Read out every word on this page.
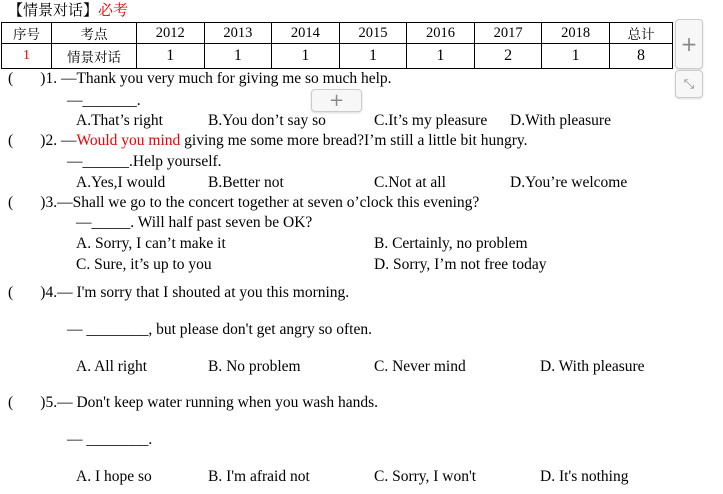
【情景对话】必考
序号	考点	2012	2013	2014	2015	2016	2017	2018	总计
1	情景对话	1	1	1	1	1	2	1	8 +
⤡
(       )1. —Thank you very much for giving me so much help.
+
—_______.
A.That’s right	B.You don’t say so	C.It’s my pleasure D.With pleasure
(       )2. —Would you mind giving me some more bread?I’m still a little bit hungry.
—______.Help yourself.
A.Yes,I would	B.Better not	C.Not at all	D.You’re welcome
(       )3.—Shall we go to the concert together at seven o’clock this evening?
—_____. Will half past seven be OK?
A. Sorry, I can’t make it	B. Certainly, no problem
C. Sure, it’s up to you	D. Sorry, I’m not free today
(       )4.— I'm sorry that I shouted at you this morning.
— ________, but please don't get angry so often.
A. All right	B. No problem	C. Never mind	D. With pleasure
(       )5.— Don't keep water running when you wash hands.
— ________.
A. I hope so	B. I'm afraid not	C. Sorry, I won't	D. It's nothing
